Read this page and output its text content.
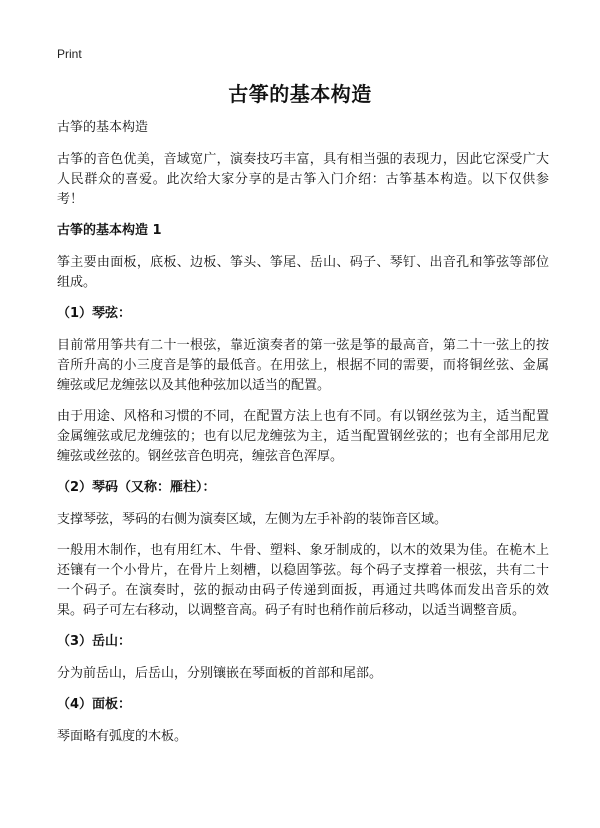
Print
古筝的基本构造

古筝的基本构造

古筝的音色优美，音域宽广，演奏技巧丰富，具有相当强的表现力，因此它深受广大人民群众的喜爱。此次给大家分享的是古筝入门介绍：古筝基本构造。以下仅供参考！

古筝的基本构造 1

筝主要由面板，底板、边板、筝头、筝尾、岳山、码子、琴钉、出音孔和筝弦等部位组成。

（1）琴弦：

目前常用筝共有二十一根弦，靠近演奏者的第一弦是筝的最高音，第二十一弦上的按音所升高的小三度音是筝的最低音。在用弦上，根据不同的需要，而将铜丝弦、金属缠弦或尼龙缠弦以及其他种弦加以适当的配置。

由于用途、风格和习惯的不同，在配置方法上也有不同。有以钢丝弦为主，适当配置金属缠弦或尼龙缠弦的；也有以尼龙缠弦为主，适当配置钢丝弦的；也有全部用尼龙缠弦或丝弦的。钢丝弦音色明亮，缠弦音色浑厚。

（2）琴码（又称：雁柱）：

支撑琴弦，琴码的右侧为演奏区域，左侧为左手补韵的装饰音区域。

一般用木制作，也有用红木、牛骨、塑料、象牙制成的，以木的效果为佳。在桅木上还镶有一个小骨片，在骨片上刻槽，以稳固筝弦。每个码子支撑着一根弦，共有二十一个码子。在演奏时，弦的振动由码子传递到面扳，再通过共鸣体而发出音乐的效果。码子可左右移动，以调整音高。码子有时也稍作前后移动，以适当调整音质。

（3）岳山：

分为前岳山，后岳山，分别镶嵌在琴面板的首部和尾部。

（4）面板：

琴面略有弧度的木板。
